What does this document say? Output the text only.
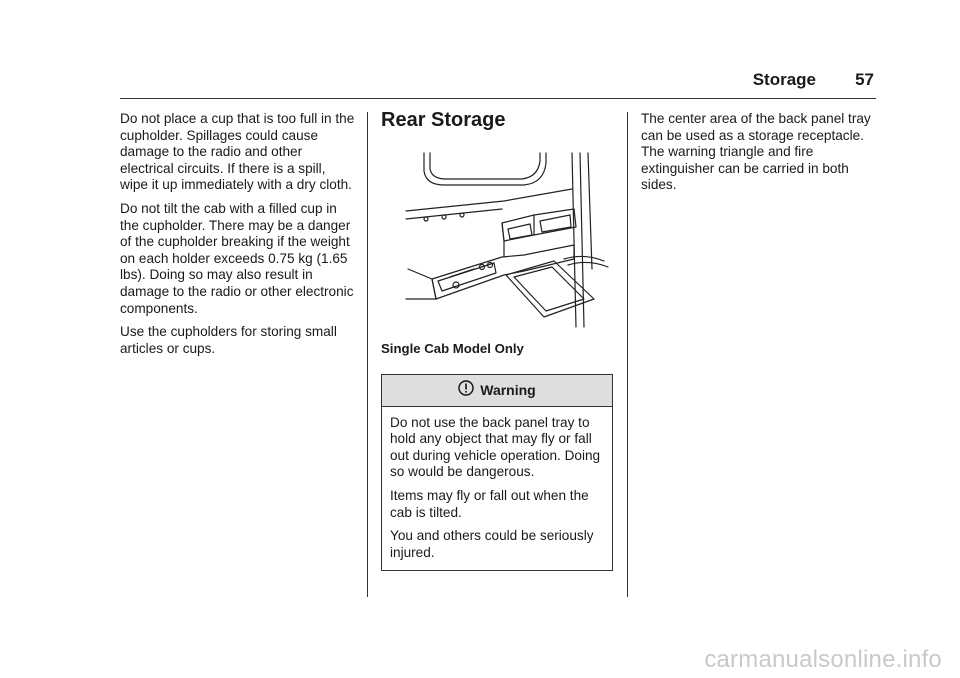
Storage 57

Do not place a cup that is too full in the cupholder. Spillages could cause damage to the radio and other electrical circuits. If there is a spill, wipe it up immediately with a dry cloth.

Do not tilt the cab with a filled cup in the cupholder. There may be a danger of the cupholder breaking if the weight on each holder exceeds 0.75 kg (1.65 lbs). Doing so may also result in damage to the radio or other electronic components.

Use the cupholders for storing small articles or cups.

Rear Storage
Single Cab Model Only
Warning

Do not use the back panel tray to hold any object that may fly or fall out during vehicle operation. Doing so would be dangerous.

Items may fly or fall out when the cab is tilted.

You and others could be seriously injured.

The center area of the back panel tray can be used as a storage receptacle. The warning triangle and fire extinguisher can be carried in both sides.

carmanualsonline.info
